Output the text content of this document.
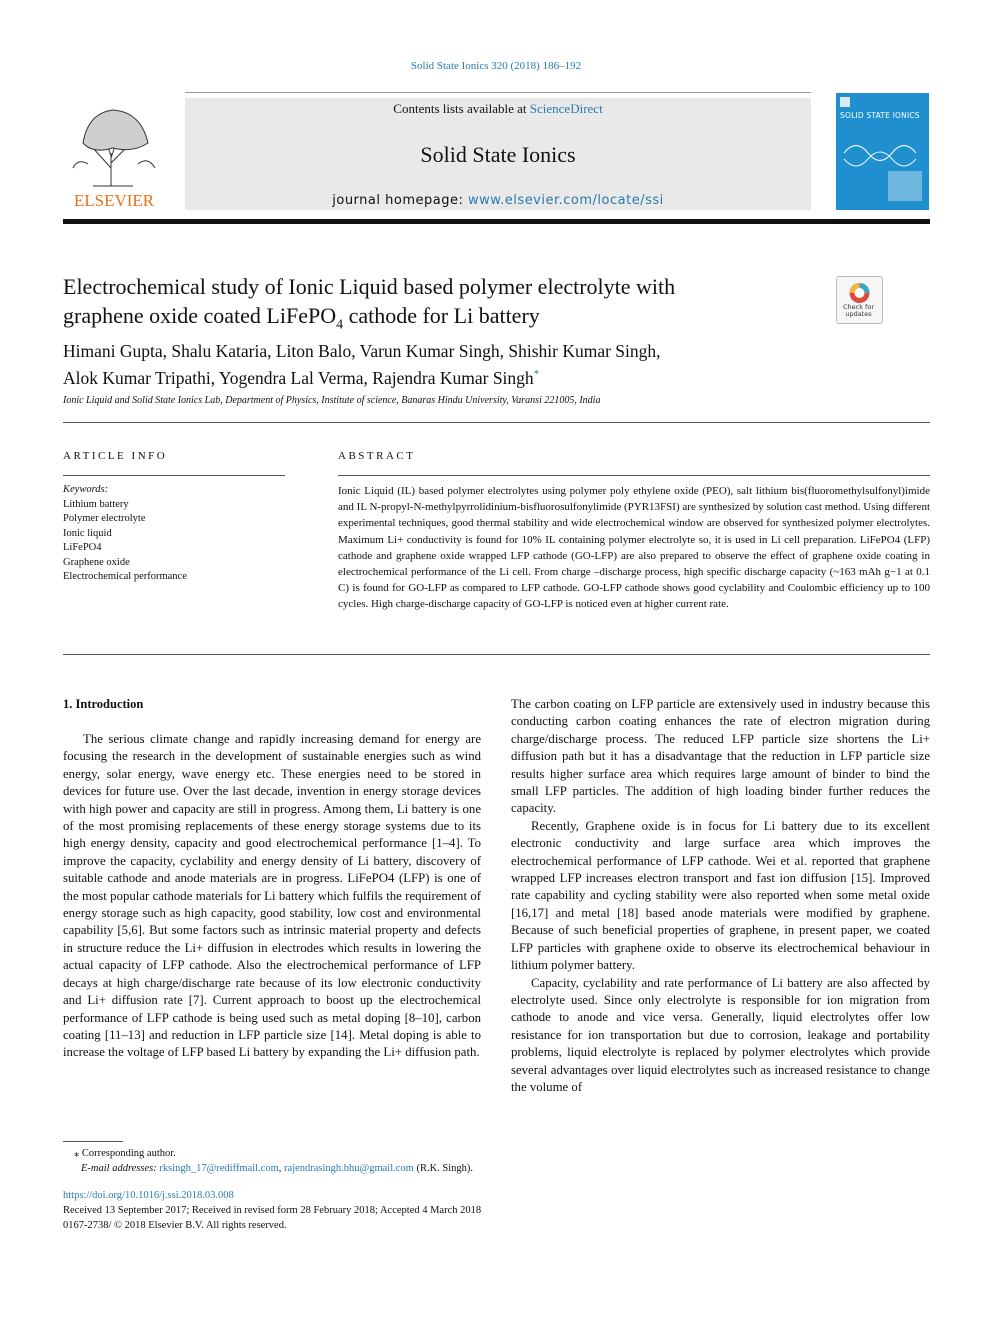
Solid State Ionics 320 (2018) 186–192
ELSEVIER
Contents lists available at ScienceDirect
Solid State Ionics
journal homepage: www.elsevier.com/locate/ssi
SOLID STATE IONICS
Electrochemical study of Ionic Liquid based polymer electrolyte with
graphene oxide coated LiFePO$_4$ cathode for Li battery	Check for updates
Himani Gupta, Shalu Kataria, Liton Balo, Varun Kumar Singh, Shishir Kumar Singh,
Alok Kumar Tripathi, Yogendra Lal Verma, Rajendra Kumar Singh*
Ionic Liquid and Solid State Ionics Lab, Department of Physics, Institute of science, Banaras Hindu University, Varansi 221005, India
ARTICLE INFO
Keywords:
Lithium battery
Polymer electrolyte
Ionic liquid
LiFePO4
Graphene oxide
Electrochemical performance
ABSTRACT
Ionic Liquid (IL) based polymer electrolytes using polymer poly ethylene oxide (PEO), salt lithium bis(fluoromethylsulfonyl)imide and IL N-propyl-N-methylpyrrolidinium-bisfluorosulfonylimide (PYR13FSI) are synthesized by solution cast method. Using different experimental techniques, good thermal stability and wide electrochemical window are observed for synthesized polymer electrolytes. Maximum Li+ conductivity is found for 10% IL containing polymer electrolyte so, it is used in Li cell preparation. LiFePO4 (LFP) cathode and graphene oxide wrapped LFP cathode (GO-LFP) are also prepared to observe the effect of graphene oxide coating in electrochemical performance of the Li cell. From charge –discharge process, high specific discharge capacity (~163 mAh g−1 at 0.1 C) is found for GO-LFP as compared to LFP cathode. GO-LFP cathode shows good cyclability and Coulombic efficiency up to 100 cycles. High charge-discharge capacity of GO-LFP is noticed even at higher current rate.
1. Introduction

The serious climate change and rapidly increasing demand for energy are focusing the research in the development of sustainable energies such as wind energy, solar energy, wave energy etc. These energies need to be stored in devices for future use. Over the last decade, invention in energy storage devices with high power and capacity are still in progress. Among them, Li battery is one of the most promising replacements of these energy storage systems due to its high energy density, capacity and good electrochemical performance [1–4]. To improve the capacity, cyclability and energy density of Li battery, discovery of suitable cathode and anode materials are in progress. LiFePO4 (LFP) is one of the most popular cathode materials for Li battery which fulfils the requirement of energy storage such as high capacity, good stability, low cost and environmental capability [5,6]. But some factors such as intrinsic material property and defects in structure reduce the Li+ diffusion in electrodes which results in lowering the actual capacity of LFP cathode. Also the electrochemical performance of LFP decays at high charge/discharge rate because of its low electronic conductivity and Li+ diffusion rate [7]. Current approach to boost up the electrochemical performance of LFP cathode is being used such as metal doping [8–10], carbon coating [11–13] and reduction in LFP particle size [14]. Metal doping is able to increase the voltage of LFP based Li battery by expanding the Li+ diffusion path.

The carbon coating on LFP particle are extensively used in industry because this conducting carbon coating enhances the rate of electron migration during charge/discharge process. The reduced LFP particle size shortens the Li+ diffusion path but it has a disadvantage that the reduction in LFP particle size results higher surface area which requires large amount of binder to bind the small LFP particles. The addition of high loading binder further reduces the capacity.

Recently, Graphene oxide is in focus for Li battery due to its excellent electronic conductivity and large surface area which improves the electrochemical performance of LFP cathode. Wei et al. reported that graphene wrapped LFP increases electron transport and fast ion diffusion [15]. Improved rate capability and cycling stability were also reported when some metal oxide [16,17] and metal [18] based anode materials were modified by graphene. Because of such beneficial properties of graphene, in present paper, we coated LFP particles with graphene oxide to observe its electrochemical behaviour in lithium polymer battery.

Capacity, cyclability and rate performance of Li battery are also affected by electrolyte used. Since only electrolyte is responsible for ion migration from cathode to anode and vice versa. Generally, liquid electrolytes offer low resistance for ion transportation but due to corrosion, leakage and portability problems, liquid electrolyte is replaced by polymer electrolytes which provide several advantages over liquid electrolytes such as increased resistance to change the volume of

⁎ Corresponding author.
E-mail addresses: rksingh_17@rediffmail.com, rajendrasingh.bhu@gmail.com (R.K. Singh).
https://doi.org/10.1016/j.ssi.2018.03.008
Received 13 September 2017; Received in revised form 28 February 2018; Accepted 4 March 2018
0167-2738/ © 2018 Elsevier B.V. All rights reserved.
